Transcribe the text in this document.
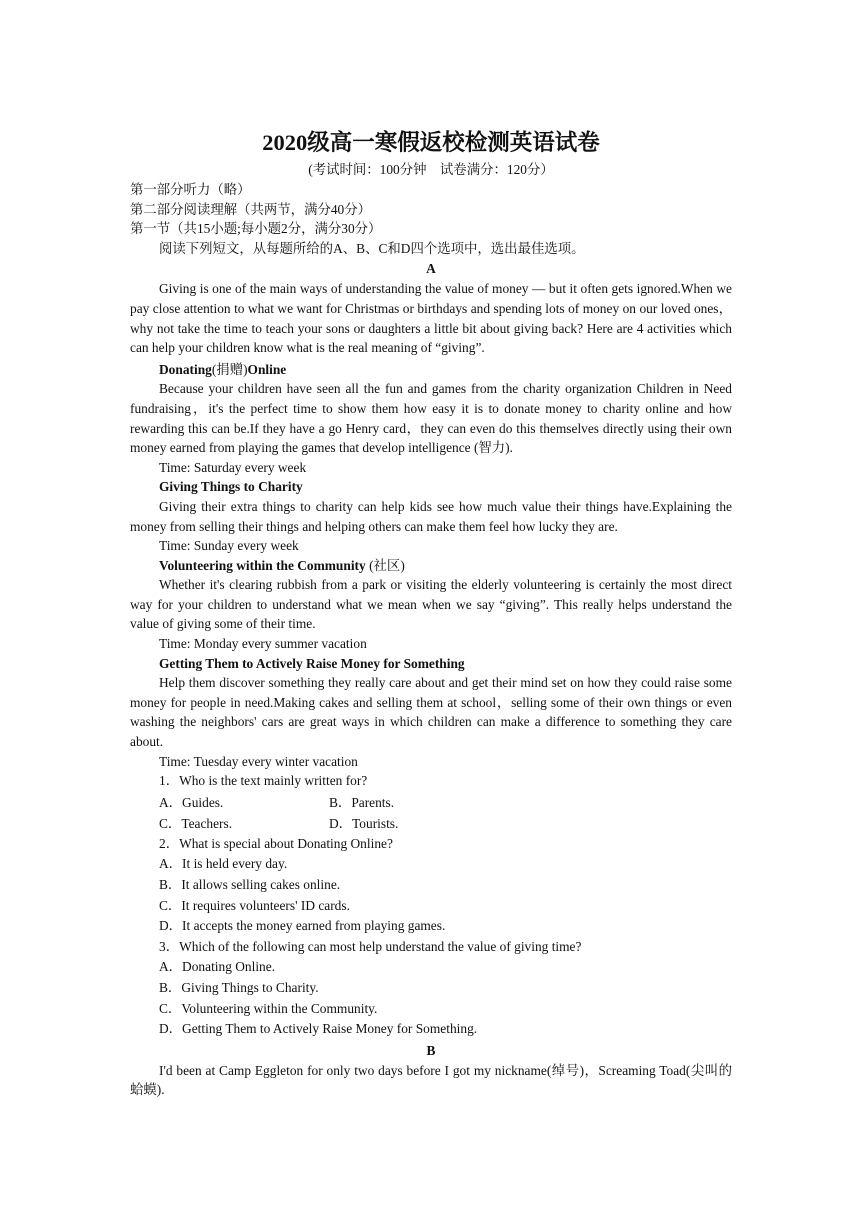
2020级高一寒假返校检测英语试卷

(考试时间：100分钟　试卷满分：120分）

第一部分听力（略）

第二部分阅读理解（共两节，满分40分）

第一节（共15小题;每小题2分，满分30分）

阅读下列短文，从每题所给的A、B、C和D四个选项中，选出最佳选项。

A

Giving is one of the main ways of understanding the value of money — but it often gets ignored.When we pay close attention to what we want for Christmas or birthdays and spending lots of money on our loved ones，why not take the time to teach your sons or daughters a little bit about giving back? Here are 4 activities which can help your children know what is the real meaning of “giving”.

Donating(捐赠)Online

Because your children have seen all the fun and games from the charity organization Children in Need fundraising，it's the perfect time to show them how easy it is to donate money to charity online and how rewarding this can be.If they have a go Henry card，they can even do this themselves directly using their own money earned from playing the games that develop intelligence (智力).

Time: Saturday every week

Giving Things to Charity

Giving their extra things to charity can help kids see how much value their things have.Explaining the money from selling their things and helping others can make them feel how lucky they are.

Time: Sunday every week

Volunteering within the Community (社区)

Whether it's clearing rubbish from a park or visiting the elderly volunteering is certainly the most direct way for your children to understand what we mean when we say “giving”. This really helps understand the value of giving some of their time.

Time: Monday every summer vacation

Getting Them to Actively Raise Money for Something

Help them discover something they really care about and get their mind set on how they could raise some money for people in need.Making cakes and selling them at school，selling some of their own things or even washing the neighbors' cars are great ways in which children can make a difference to something they care about.

Time: Tuesday every winter vacation

1．Who is the text mainly written for?

A．Guides.	B．Parents.
C．Teachers.	D．Tourists.

2．What is special about Donating Online?

A．It is held every day.

B．It allows selling cakes online.

C．It requires volunteers' ID cards.

D．It accepts the money earned from playing games.

3．Which of the following can most help understand the value of giving time?

A．Donating Online.

B．Giving Things to Charity.

C．Volunteering within the Community.

D．Getting Them to Actively Raise Money for Something.

B

I'd been at Camp Eggleton for only two days before I got my nickname(绰号)，Screaming Toad(尖叫的蛤蟆).
